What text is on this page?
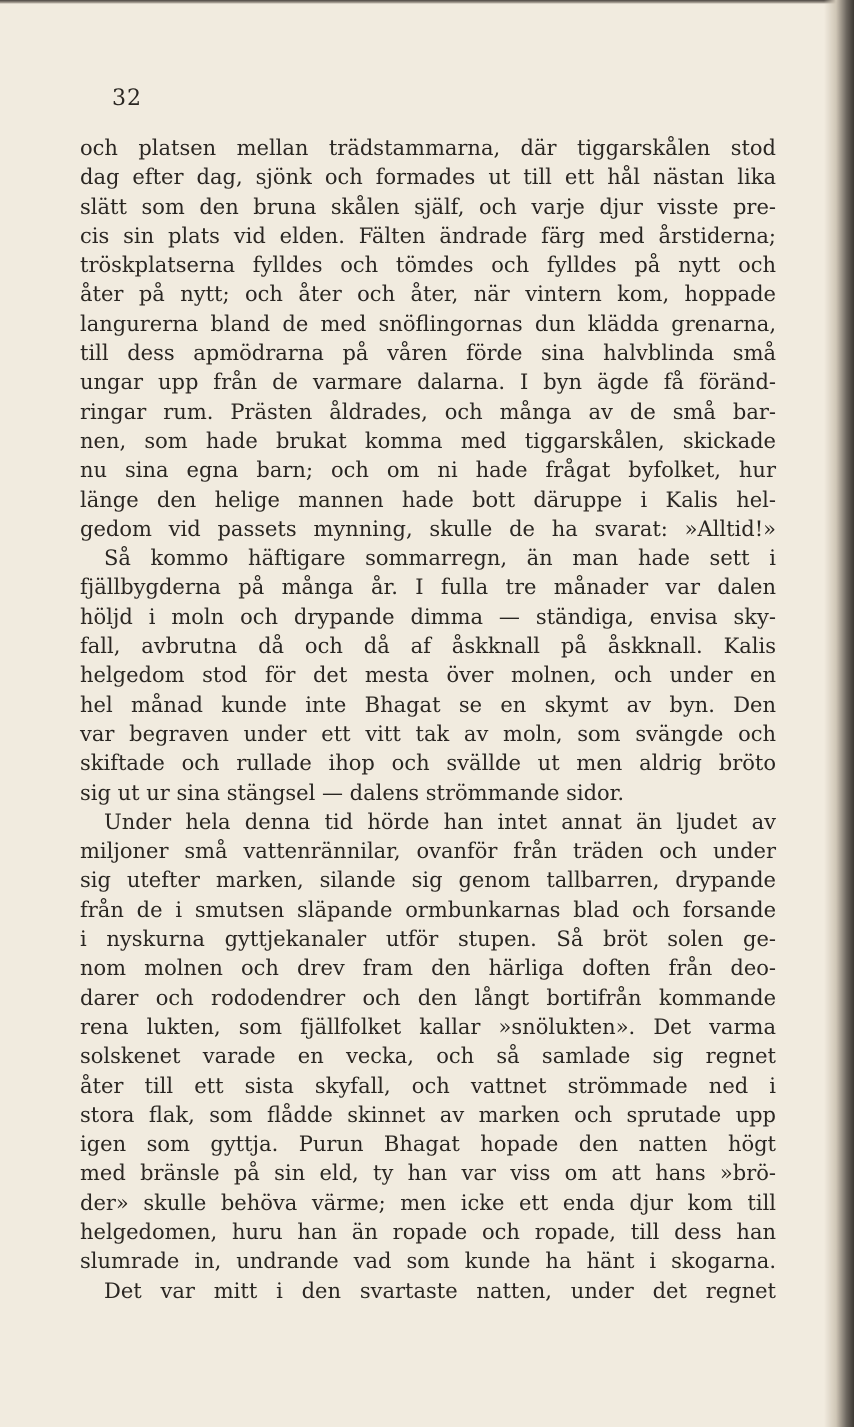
32
och platsen mellan trädstammarna, där tiggarskålen stod
dag efter dag, sjönk och formades ut till ett hål nästan lika
slätt som den bruna skålen själf, och varje djur visste pre-
cis sin plats vid elden. Fälten ändrade färg med årstiderna;
tröskplatserna fylldes och tömdes och fylldes på nytt och
åter på nytt; och åter och åter, när vintern kom, hoppade
langurerna bland de med snöflingornas dun klädda grenarna,
till dess apmödrarna på våren förde sina halvblinda små
ungar upp från de varmare dalarna. I byn ägde få föränd-
ringar rum. Prästen åldrades, och många av de små bar-
nen, som hade brukat komma med tiggarskålen, skickade
nu sina egna barn; och om ni hade frågat byfolket, hur
länge den helige mannen hade bott däruppe i Kalis hel-
gedom vid passets mynning, skulle de ha svarat: »Alltid!»
Så kommo häftigare sommarregn, än man hade sett i
fjällbygderna på många år. I fulla tre månader var dalen
höljd i moln och drypande dimma — ständiga, envisa sky-
fall, avbrutna då och då af åskknall på åskknall. Kalis
helgedom stod för det mesta över molnen, och under en
hel månad kunde inte Bhagat se en skymt av byn. Den
var begraven under ett vitt tak av moln, som svängde och
skiftade och rullade ihop och svällde ut men aldrig bröto
sig ut ur sina stängsel — dalens strömmande sidor.
Under hela denna tid hörde han intet annat än ljudet av
miljoner små vattenrännilar, ovanför från träden och under
sig utefter marken, silande sig genom tallbarren, drypande
från de i smutsen släpande ormbunkarnas blad och forsande
i nyskurna gyttjekanaler utför stupen. Så bröt solen ge-
nom molnen och drev fram den härliga doften från deo-
darer och rododendrer och den långt bortifrån kommande
rena lukten, som fjällfolket kallar »snölukten». Det varma
solskenet varade en vecka, och så samlade sig regnet
åter till ett sista skyfall, och vattnet strömmade ned i
stora flak, som flådde skinnet av marken och sprutade upp
igen som gyttja. Purun Bhagat hopade den natten högt
med bränsle på sin eld, ty han var viss om att hans »brö-
der» skulle behöva värme; men icke ett enda djur kom till
helgedomen, huru han än ropade och ropade, till dess han
slumrade in, undrande vad som kunde ha hänt i skogarna.
Det var mitt i den svartaste natten, under det regnet
